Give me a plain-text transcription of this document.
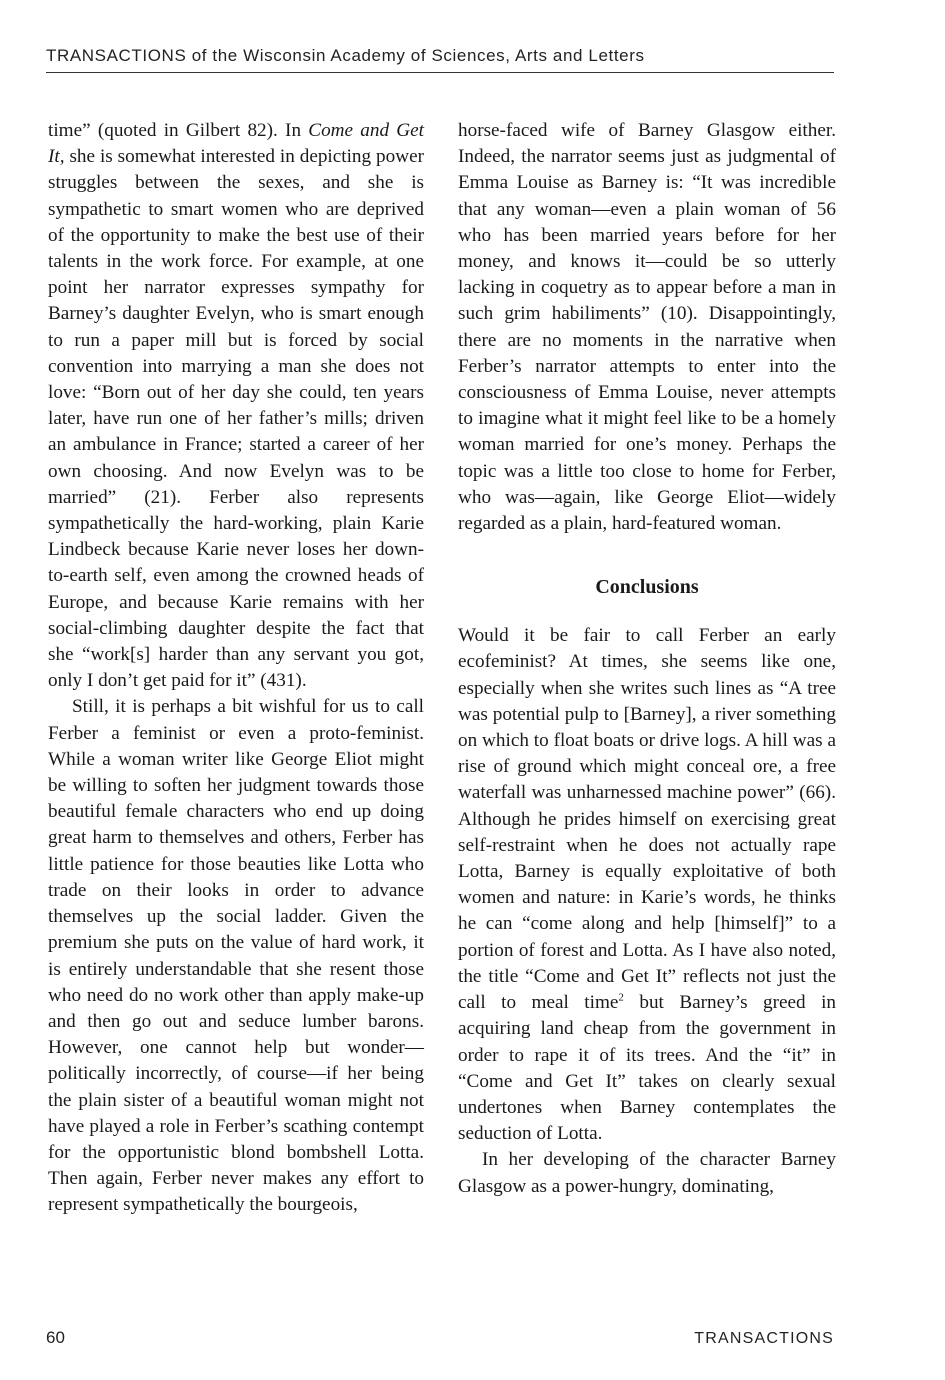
TRANSACTIONS of the Wisconsin Academy of Sciences, Arts and Letters

time” (quoted in Gilbert 82). In Come and Get It, she is somewhat interested in depicting power struggles between the sexes, and she is sympathetic to smart women who are deprived of the opportunity to make the best use of their talents in the work force. For example, at one point her narrator expresses sympathy for Barney’s daughter Evelyn, who is smart enough to run a paper mill but is forced by social convention into marrying a man she does not love: “Born out of her day she could, ten years later, have run one of her father’s mills; driven an ambulance in France; started a career of her own choosing. And now Evelyn was to be married” (21). Ferber also represents sympathetically the hard-working, plain Karie Lindbeck because Karie never loses her down-to-earth self, even among the crowned heads of Europe, and because Karie remains with her social-climbing daughter despite the fact that she “work[s] harder than any servant you got, only I don’t get paid for it” (431).

Still, it is perhaps a bit wishful for us to call Ferber a feminist or even a proto-feminist. While a woman writer like George Eliot might be willing to soften her judgment towards those beautiful female characters who end up doing great harm to themselves and others, Ferber has little patience for those beauties like Lotta who trade on their looks in order to advance themselves up the social ladder. Given the premium she puts on the value of hard work, it is entirely understandable that she resent those who need do no work other than apply make-up and then go out and seduce lumber barons. However, one cannot help but wonder—politically incorrectly, of course—if her being the plain sister of a beautiful woman might not have played a role in Ferber’s scathing contempt for the opportunistic blond bombshell Lotta. Then again, Ferber never makes any effort to represent sympathetically the bourgeois,

horse-faced wife of Barney Glasgow either. Indeed, the narrator seems just as judgmental of Emma Louise as Barney is: “It was incredible that any woman—even a plain woman of 56 who has been married years before for her money, and knows it—could be so utterly lacking in coquetry as to appear before a man in such grim habiliments” (10). Disappointingly, there are no moments in the narrative when Ferber’s narrator attempts to enter into the consciousness of Emma Louise, never attempts to imagine what it might feel like to be a homely woman married for one’s money. Perhaps the topic was a little too close to home for Ferber, who was—again, like George Eliot—widely regarded as a plain, hard-featured woman.

Conclusions

Would it be fair to call Ferber an early ecofeminist? At times, she seems like one, especially when she writes such lines as “A tree was potential pulp to [Barney], a river something on which to float boats or drive logs. A hill was a rise of ground which might conceal ore, a free waterfall was unharnessed machine power” (66). Although he prides himself on exercising great self-restraint when he does not actually rape Lotta, Barney is equally exploitative of both women and nature: in Karie’s words, he thinks he can “come along and help [himself]” to a portion of forest and Lotta. As I have also noted, the title “Come and Get It” reflects not just the call to meal time$^2$ but Barney’s greed in acquiring land cheap from the government in order to rape it of its trees. And the “it” in “Come and Get It” takes on clearly sexual undertones when Barney contemplates the seduction of Lotta.

In her developing of the character Barney Glasgow as a power-hungry, dominating,

60	TRANSACTIONS
